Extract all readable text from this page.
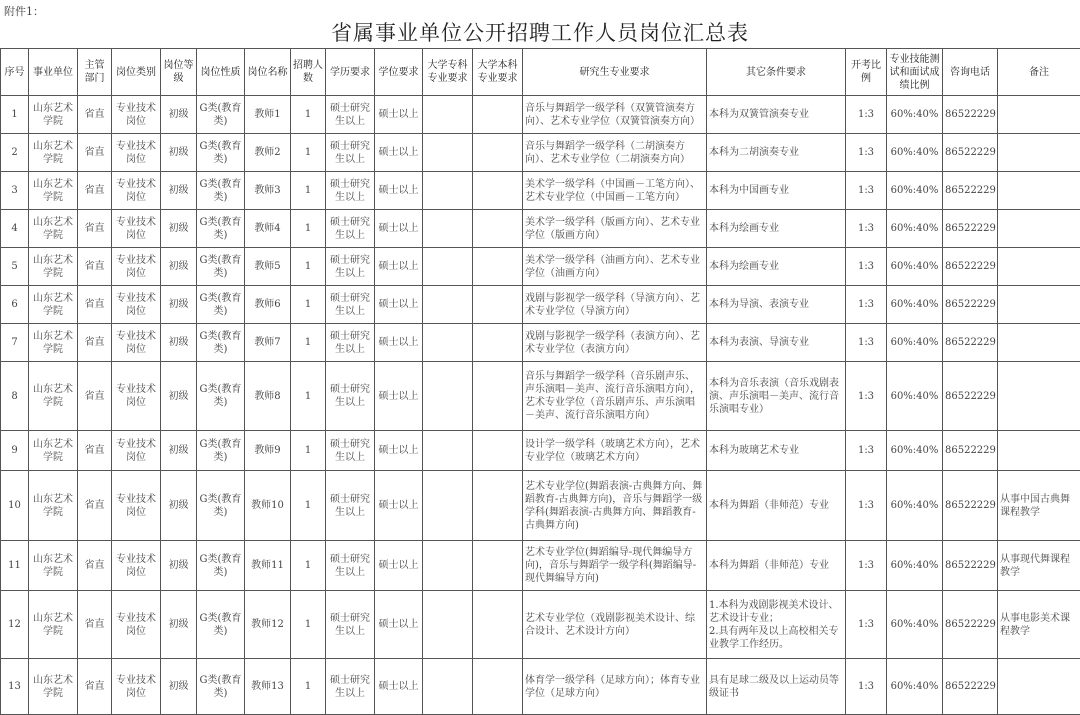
附件1：
省属事业单位公开招聘工作人员岗位汇总表
序号	事业单位	主管部门	岗位类别	岗位等级	岗位性质	岗位名称	招聘人数	学历要求	学位要求	大学专科专业要求	大学本科专业要求	研究生专业要求	其它条件要求	开考比例	专业技能测试和面试成绩比例	咨询电话	备注
1	山东艺术学院	省直	专业技术岗位	初级	G类(教育类)	教师1	1	硕士研究生以上	硕士以上			音乐与舞蹈学一级学科（双簧管演奏方向）、艺术专业学位（双簧管演奏方向）	本科为双簧管演奏专业	1:3	60%:40%	86522229	
2	山东艺术学院	省直	专业技术岗位	初级	G类(教育类)	教师2	1	硕士研究生以上	硕士以上			音乐与舞蹈学一级学科（二胡演奏方向）、艺术专业学位（二胡演奏方向）	本科为二胡演奏专业	1:3	60%:40%	86522229	
3	山东艺术学院	省直	专业技术岗位	初级	G类(教育类)	教师3	1	硕士研究生以上	硕士以上			美术学一级学科（中国画－工笔方向）、艺术专业学位（中国画－工笔方向）	本科为中国画专业	1:3	60%:40%	86522229	
4	山东艺术学院	省直	专业技术岗位	初级	G类(教育类)	教师4	1	硕士研究生以上	硕士以上			美术学一级学科（版画方向）、艺术专业学位（版画方向）	本科为绘画专业	1:3	60%:40%	86522229	
5	山东艺术学院	省直	专业技术岗位	初级	G类(教育类)	教师5	1	硕士研究生以上	硕士以上			美术学一级学科（油画方向）、艺术专业学位（油画方向）	本科为绘画专业	1:3	60%:40%	86522229	
6	山东艺术学院	省直	专业技术岗位	初级	G类(教育类)	教师6	1	硕士研究生以上	硕士以上			戏剧与影视学一级学科（导演方向）、艺术专业学位（导演方向）	本科为导演、表演专业	1:3	60%:40%	86522229	
7	山东艺术学院	省直	专业技术岗位	初级	G类(教育类)	教师7	1	硕士研究生以上	硕士以上			戏剧与影视学一级学科（表演方向）、艺术专业学位（表演方向）	本科为表演、导演专业	1:3	60%:40%	86522229	
8	山东艺术学院	省直	专业技术岗位	初级	G类(教育类)	教师8	1	硕士研究生以上	硕士以上			音乐与舞蹈学一级学科（音乐剧声乐、声乐演唱－美声、流行音乐演唱方向），艺术专业学位（音乐剧声乐、声乐演唱－美声、流行音乐演唱方向）	本科为音乐表演（音乐戏剧表演、声乐演唱－美声、流行音乐演唱专业）	1:3	60%:40%	86522229	
9	山东艺术学院	省直	专业技术岗位	初级	G类(教育类)	教师9	1	硕士研究生以上	硕士以上			设计学一级学科（玻璃艺术方向），艺术专业学位（玻璃艺术方向）	本科为玻璃艺术专业	1:3	60%:40%	86522229	
10	山东艺术学院	省直	专业技术岗位	初级	G类(教育类)	教师10	1	硕士研究生以上	硕士以上			艺术专业学位(舞蹈表演-古典舞方向、舞蹈教育-古典舞方向)，音乐与舞蹈学一级学科(舞蹈表演-古典舞方向、舞蹈教育-古典舞方向)	本科为舞蹈（非师范）专业	1:3	60%:40%	86522229	从事中国古典舞课程教学
11	山东艺术学院	省直	专业技术岗位	初级	G类(教育类)	教师11	1	硕士研究生以上	硕士以上			艺术专业学位(舞蹈编导-现代舞编导方向)，音乐与舞蹈学一级学科(舞蹈编导-现代舞编导方向)	本科为舞蹈（非师范）专业	1:3	60%:40%	86522229	从事现代舞课程教学
12	山东艺术学院	省直	专业技术岗位	初级	G类(教育类)	教师12	1	硕士研究生以上	硕士以上			艺术专业学位（戏剧影视美术设计、综合设计、艺术设计方向）	1.本科为戏剧影视美术设计、艺术设计专业；
2.具有两年及以上高校相关专业教学工作经历。	1:3	60%:40%	86522229	从事电影美术课程教学
13	山东艺术学院	省直	专业技术岗位	初级	G类(教育类)	教师13	1	硕士研究生以上	硕士以上			体育学一级学科（足球方向）；体育专业学位（足球方向）	具有足球二级及以上运动员等级证书	1:3	60%:40%	86522229	
